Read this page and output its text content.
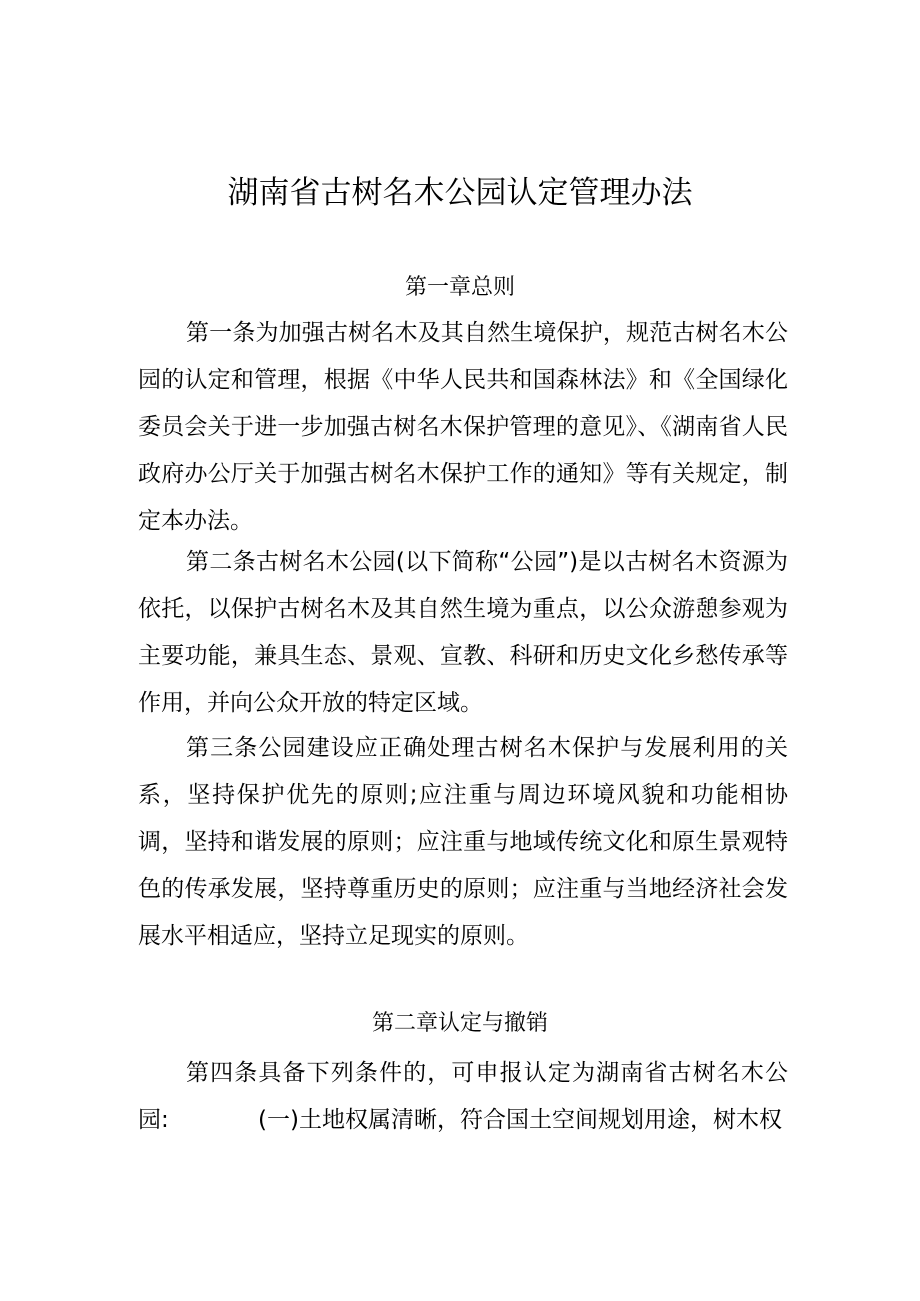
湖南省古树名木公园认定管理办法
第一章总则

第一条为加强古树名木及其自然生境保护，规范古树名木公园的认定和管理，根据《中华人民共和国森林法》和《全国绿化委员会关于进一步加强古树名木保护管理的意见》、《湖南省人民政府办公厅关于加强古树名木保护工作的通知》等有关规定，制定本办法。

第二条古树名木公园(以下简称“公园”)是以古树名木资源为依托，以保护古树名木及其自然生境为重点，以公众游憩参观为主要功能，兼具生态、景观、宣教、科研和历史文化乡愁传承等作用，并向公众开放的特定区域。

第三条公园建设应正确处理古树名木保护与发展利用的关系，坚持保护优先的原则;应注重与周边环境风貌和功能相协调，坚持和谐发展的原则；应注重与地域传统文化和原生景观特色的传承发展，坚持尊重历史的原则；应注重与当地经济社会发展水平相适应，坚持立足现实的原则。

第二章认定与撤销

第四条具备下列条件的，可申报认定为湖南省古树名木公园:	(一)土地权属清晰，符合国土空间规划用途，树木权
